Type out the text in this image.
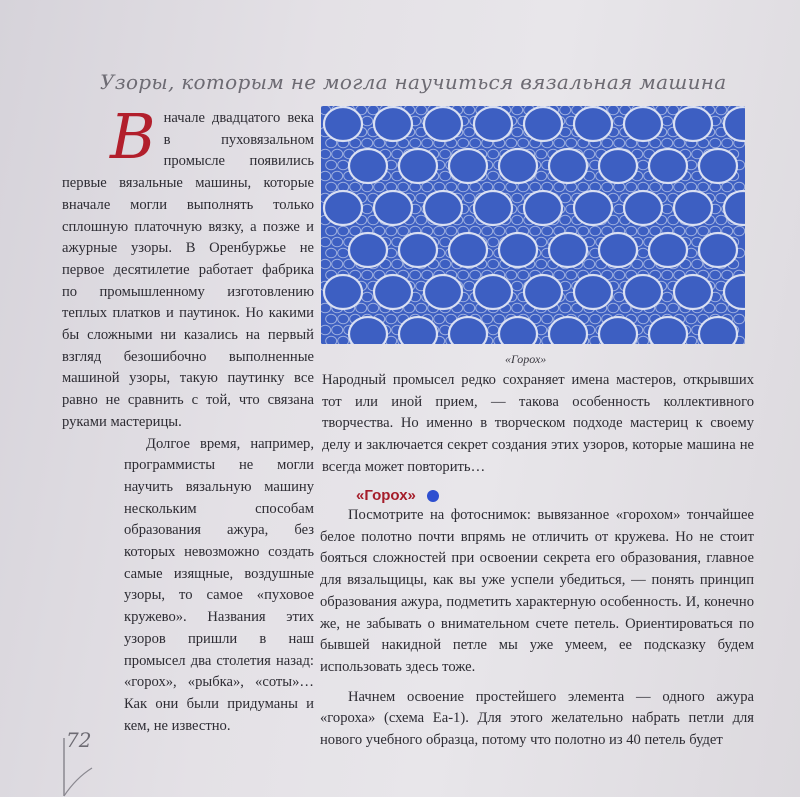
Узоры, которым не могла научиться вязальная машина

В начале двадцатого века в пуховязальном промысле появились первые вязальные машины, которые вначале могли выполнять только сплошную платочную вязку, а позже и ажурные узоры. В Оренбуржье не первое десятилетие работает фабрика по промышленному изготовлению теплых платков и паутинок. Но какими бы сложными ни казались на первый взгляд безошибочно выполненные машиной узоры, такую паутинку все равно не сравнить с той, что связана руками мастерицы.

Долгое время, например, программисты не могли научить вязальную машину нескольким способам образования ажура, без которых невозможно создать самые изящные, воздушные узоры, то самое «пуховое кружево». Названия этих узоров пришли в наш промысел два столетия назад: «горох», «рыбка», «соты»… Как они были придуманы и кем, не известно.

«Горох»

Народный промысел редко сохраняет имена мастеров, открывших тот или иной прием, — такова особенность коллективного творчества. Но именно в творческом подходе мастериц к своему делу и заключается секрет создания этих узоров, которые машина не всегда может повторить…

«Горох»

Посмотрите на фотоснимок: вывязанное «горохом» тончайшее белое полотно почти впрямь не отличить от кружева. Но не стоит бояться сложностей при освоении секрета его образования, главное для вязальщицы, как вы уже успели убедиться, — понять принцип образования ажура, подметить характерную особенность. И, конечно же, не забывать о внимательном счете петель. Ориентироваться по бывшей накидной петле мы уже умеем, ее подсказку будем использовать здесь тоже.

Начнем освоение простейшего элемента — одного ажура «гороха» (схема Еа-1). Для этого желательно набрать петли для нового учебного образца, потому что полотно из 40 петель будет

72
